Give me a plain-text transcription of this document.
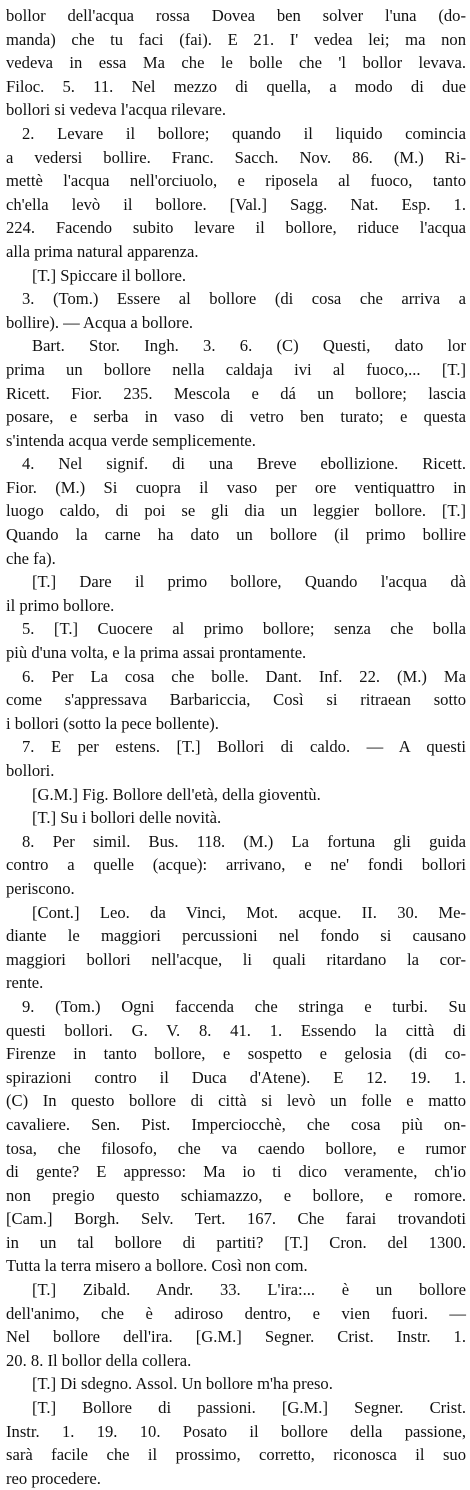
bollor dell'acqua rossa Dovea ben solver l'una (do-
manda) che tu faci (fai). E 21. I' vedea lei; ma non
vedeva in essa Ma che le bolle che 'l bollor levava.
Filoc. 5. 11. Nel mezzo di quella, a modo di due
bollori si vedeva l'acqua rilevare.
2. Levare il bollore; quando il liquido comincia
a vedersi bollire. Franc. Sacch. Nov. 86. (M.) Ri-
mettè l'acqua nell'orciuolo, e riposela al fuoco, tanto
ch'ella levò il bollore. [Val.] Sagg. Nat. Esp. 1.
224. Facendo subito levare il bollore, riduce l'acqua
alla prima natural apparenza.
[T.] Spiccare il bollore.
3. (Tom.) Essere al bollore (di cosa che arriva a
bollire). — Acqua a bollore.
Bart. Stor. Ingh. 3. 6. (C) Questi, dato lor
prima un bollore nella caldaja ivi al fuoco,... [T.]
Ricett. Fior. 235. Mescola e dá un bollore; lascia
posare, e serba in vaso di vetro ben turato; e questa
s'intenda acqua verde semplicemente.
4. Nel signif. di una Breve ebollizione. Ricett.
Fior. (M.) Si cuopra il vaso per ore ventiquattro in
luogo caldo, di poi se gli dia un leggier bollore. [T.]
Quando la carne ha dato un bollore (il primo bollire
che fa).
[T.] Dare il primo bollore, Quando l'acqua dà
il primo bollore.
5. [T.] Cuocere al primo bollore; senza che bolla
più d'una volta, e la prima assai prontamente.
6. Per La cosa che bolle. Dant. Inf. 22. (M.) Ma
come s'appressava Barbariccia, Così si ritraean sotto
i bollori (sotto la pece bollente).
7. E per estens. [T.] Bollori di caldo. — A questi
bollori.
[G.M.] Fig. Bollore dell'età, della gioventù.
[T.] Su i bollori delle novità.
8. Per simil. Bus. 118. (M.) La fortuna gli guida
contro a quelle (acque): arrivano, e ne' fondi bollori
periscono.
[Cont.] Leo. da Vinci, Mot. acque. II. 30. Me-
diante le maggiori percussioni nel fondo si causano
maggiori bollori nell'acque, li quali ritardano la cor-
rente.
9. (Tom.) Ogni faccenda che stringa e turbi. Su
questi bollori. G. V. 8. 41. 1. Essendo la città di
Firenze in tanto bollore, e sospetto e gelosia (di co-
spirazioni contro il Duca d'Atene). E 12. 19. 1.
(C) In questo bollore di città si levò un folle e matto
cavaliere. Sen. Pist. Imperciocchè, che cosa più on-
tosa, che filosofo, che va caendo bollore, e rumor
di gente? E appresso: Ma io ti dico veramente, ch'io
non pregio questo schiamazzo, e bollore, e romore.
[Cam.] Borgh. Selv. Tert. 167. Che farai trovandoti
in un tal bollore di partiti? [T.] Cron. del 1300.
Tutta la terra misero a bollore. Così non com.
[T.] Zibald. Andr. 33. L'ira:... è un bollore
dell'animo, che è adiroso dentro, e vien fuori. —
Nel bollore dell'ira. [G.M.] Segner. Crist. Instr. 1.
20. 8. Il bollor della collera.
[T.] Di sdegno. Assol. Un bollore m'ha preso.
[T.] Bollore di passioni. [G.M.] Segner. Crist.
Instr. 1. 19. 10. Posato il bollore della passione,
sarà facile che il prossimo, corretto, riconosca il suo
reo procedere.
